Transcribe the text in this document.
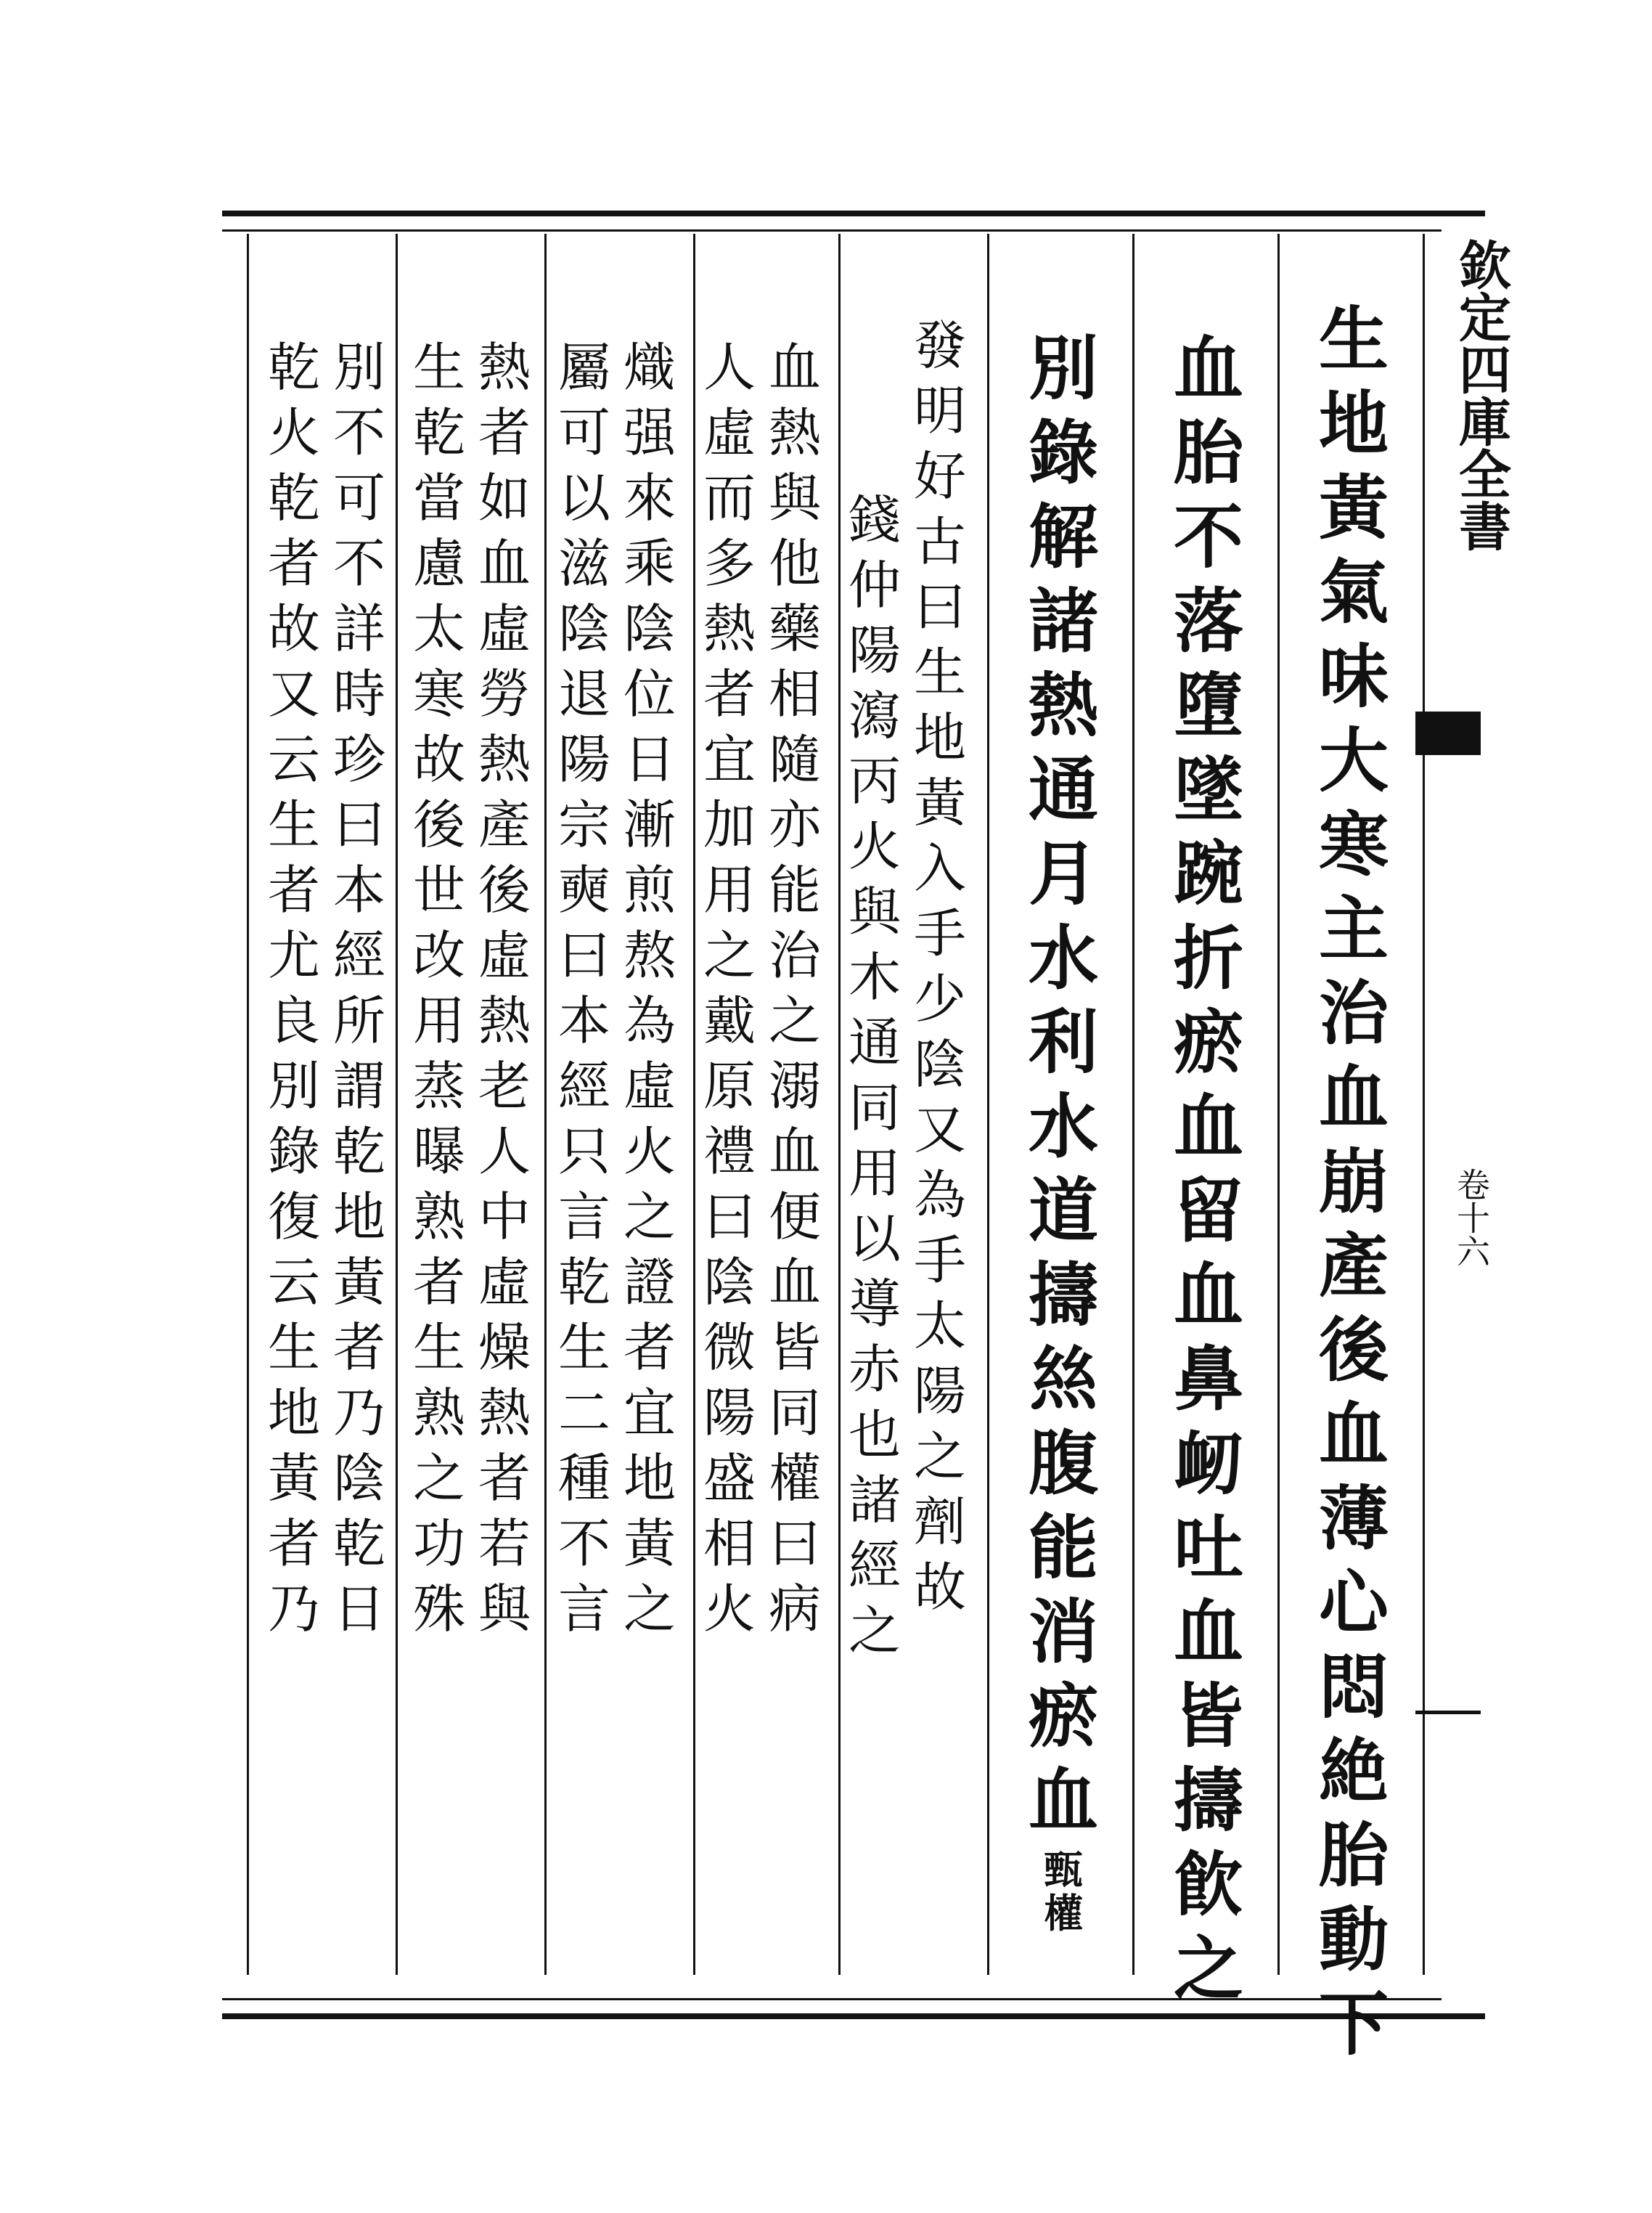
生
地
黃
氣
味
大
寒
主
治
血
崩
產
後
血
薄
心
悶
絶
胎
動
下
血
胎
不
落
墮
墜
踠
折
瘀
血
留
血
鼻
衂
吐
血
皆
擣
飮
之
別
錄
解
諸
熱
通
月
水
利
水
道
擣
𢇁
腹
能
消
瘀
血
甄
權
發
明
好
古
曰
生
地
黃
入
手
少
陰
又
為
手
太
陽
之
劑
故
錢
仲
陽
瀉
丙
火
與
木
通
同
用
以
導
赤
也
諸
經
之
血
熱
與
他
藥
相
隨
亦
能
治
之
溺
血
便
血
皆
同
權
曰
病
人
虛
而
多
熱
者
宜
加
用
之
戴
原
禮
曰
陰
微
陽
盛
相
火
熾
强
來
乘
陰
位
日
漸
煎
熬
為
虛
火
之
證
者
宜
地
黃
之
屬
可
以
滋
陰
退
陽
宗
奭
曰
本
經
只
言
乾
生
二
種
不
言
熱
者
如
血
虛
勞
熱
產
後
虛
熱
老
人
中
虛
燥
熱
者
若
與
生
乾
當
慮
太
寒
故
後
世
改
用
蒸
曝
熟
者
生
熟
之
功
殊
別
不
可
不
詳
時
珍
曰
本
經
所
謂
乾
地
黃
者
乃
陰
乾
日
乾
火
乾
者
故
又
云
生
者
尤
良
別
錄
復
云
生
地
黃
者
乃
欽定四庫全書
卷十六
